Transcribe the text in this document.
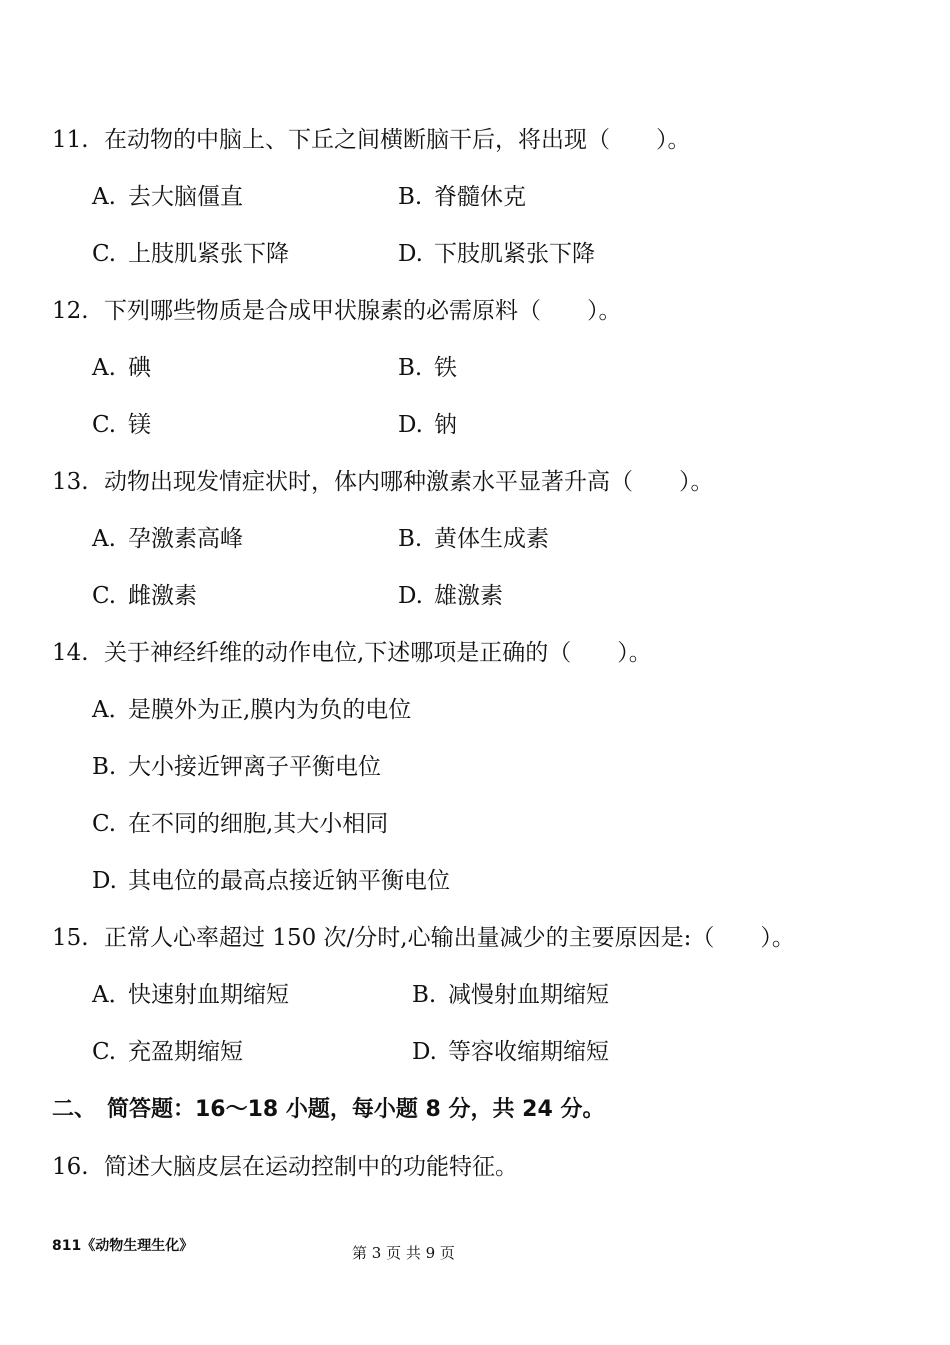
11. 在动物的中脑上、下丘之间横断脑干后，将出现（　　）。
A. 去大脑僵直	B. 脊髓休克
C. 上肢肌紧张下降	D. 下肢肌紧张下降
12. 下列哪些物质是合成甲状腺素的必需原料（　　）。
A. 碘	B. 铁
C. 镁	D. 钠
13. 动物出现发情症状时，体内哪种激素水平显著升高（　　）。
A. 孕激素高峰	B. 黄体生成素
C. 雌激素	D. 雄激素
14. 关于神经纤维的动作电位,下述哪项是正确的（　　）。
A．是膜外为正,膜内为负的电位
B. 大小接近钾离子平衡电位
C. 在不同的细胞,其大小相同
D. 其电位的最高点接近钠平衡电位
15. 正常人心率超过 150 次/分时,心输出量减少的主要原因是:（　　）。
A．快速射血期缩短	B. 减慢射血期缩短
C. 充盈期缩短	D. 等容收缩期缩短
二、　简答题：16～18 小题，每小题 8 分，共 24 分。
16. 简述大脑皮层在运动控制中的功能特征。
811《动物生理生化》	第 3 页 共 9 页
